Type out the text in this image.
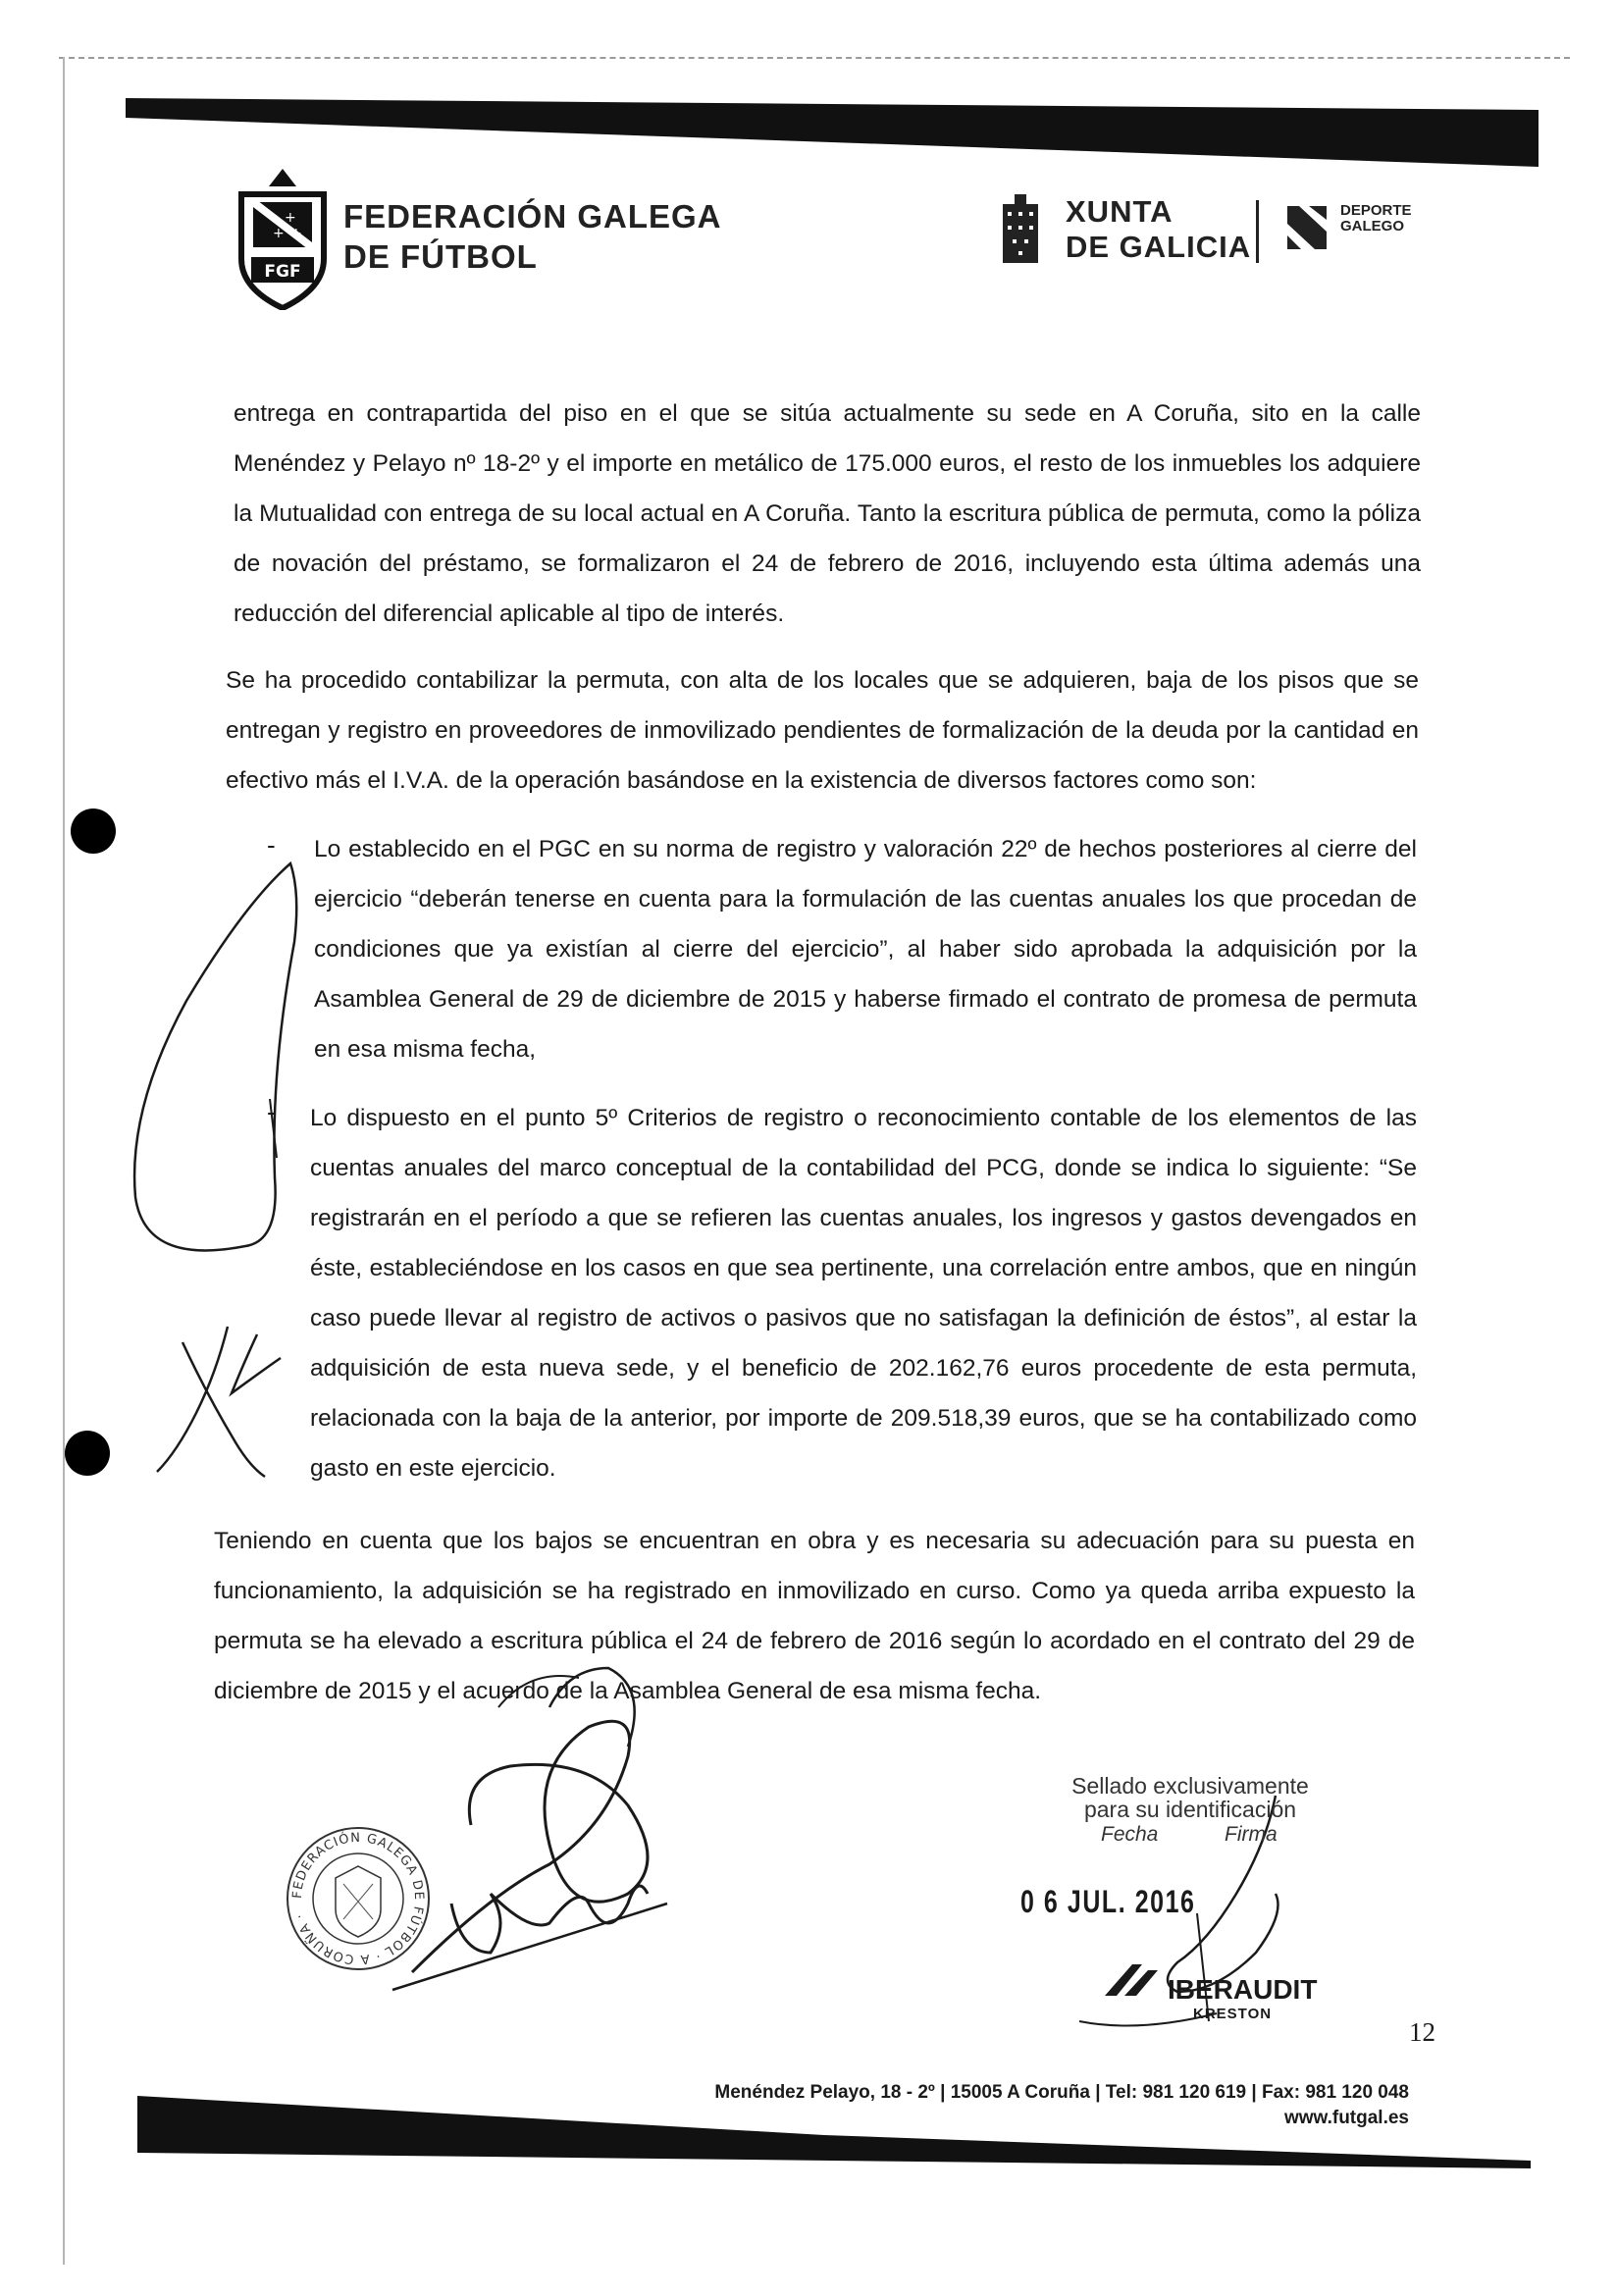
+ +
+ +
FGF
FEDERACIÓN GALEGA
DE FÚTBOL
XUNTA
DE GALICIA
DEPORTE
GALEGO
entrega en contrapartida del piso en el que se sitúa actualmente su sede en A Coruña, sito en la calle Menéndez y Pelayo nº 18-2º y el importe en metálico de 175.000 euros, el resto de los inmuebles los adquiere la Mutualidad con entrega de su local actual en A Coruña. Tanto la escritura pública de permuta, como la póliza de novación del préstamo, se formalizaron el 24 de febrero de 2016, incluyendo esta última además una reducción del diferencial aplicable al tipo de interés.
Se ha procedido contabilizar la permuta, con alta de los locales que se adquieren, baja de los pisos que se entregan y registro en proveedores de inmovilizado pendientes de formalización de la deuda por la cantidad en efectivo más el I.V.A. de la operación basándose en la existencia de diversos factores como son:
- Lo establecido en el PGC en su norma de registro y valoración 22º de hechos posteriores al cierre del ejercicio “deberán tenerse en cuenta para la formulación de las cuentas anuales los que procedan de condiciones que ya existían al cierre del ejercicio”, al haber sido aprobada la adquisición por la Asamblea General de 29 de diciembre de 2015 y haberse firmado el contrato de promesa de permuta en esa misma fecha,
- Lo dispuesto en el punto 5º Criterios de registro o reconocimiento contable de los elementos de las cuentas anuales del marco conceptual de la contabilidad del PCG, donde se indica lo siguiente: “Se registrarán en el período a que se refieren las cuentas anuales, los ingresos y gastos devengados en éste, estableciéndose en los casos en que sea pertinente, una correlación entre ambos, que en ningún caso puede llevar al registro de activos o pasivos que no satisfagan la definición de éstos”, al estar la adquisición de esta nueva sede, y el beneficio de 202.162,76 euros procedente de esta permuta, relacionada con la baja de la anterior, por importe de 209.518,39 euros, que se ha contabilizado como gasto en este ejercicio.
Teniendo en cuenta que los bajos se encuentran en obra y es necesaria su adecuación para su puesta en funcionamiento, la adquisición se ha registrado en inmovilizado en curso. Como ya queda arriba expuesto la permuta se ha elevado a escritura pública el 24 de febrero de 2016 según lo acordado en el contrato del 29 de diciembre de 2015 y el acuerdo de la Asamblea General de esa misma fecha.
FEDERACIÓN GALEGA DE FÚTBOL · A CORUÑA ·
Sellado exclusivamente
para su identificación
Fecha	Firma
0 6 JUL. 2016
IBERAUDIT
KRESTON
12
Menéndez Pelayo, 18 - 2º | 15005 A Coruña | Tel: 981 120 619 | Fax: 981 120 048
www.futgal.es
